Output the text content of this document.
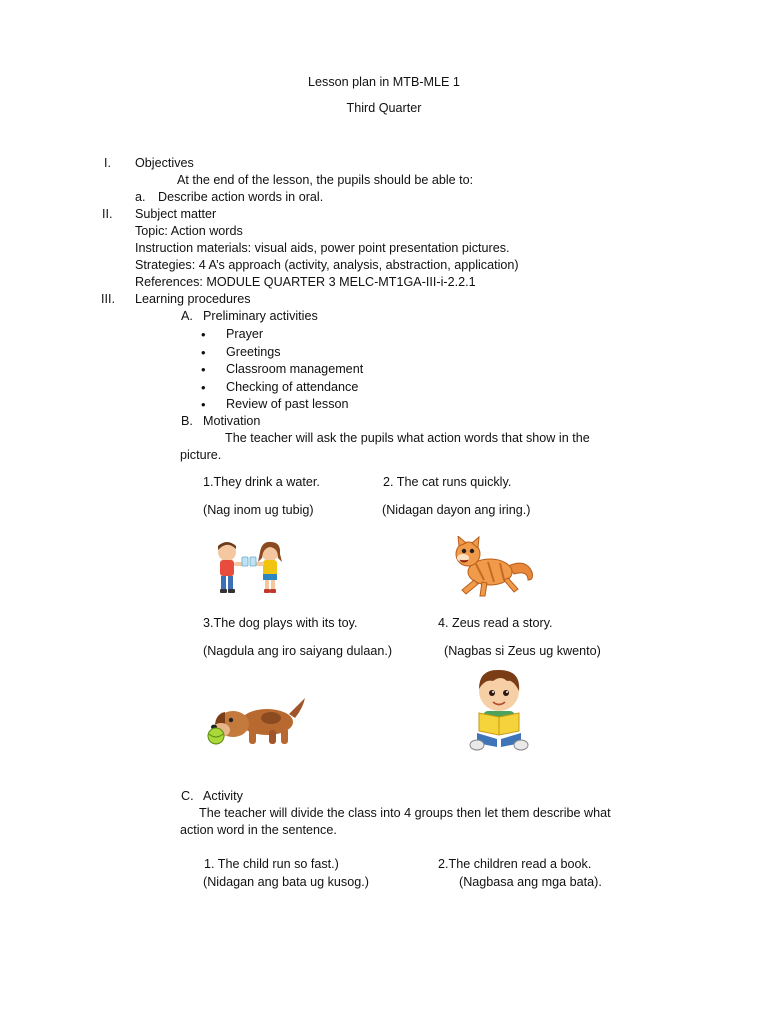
Lesson plan in MTB-MLE 1
Third Quarter
I. Objectives
At the end of the lesson, the pupils should be able to:
a. Describe action words in oral.
II. Subject matter
Topic: Action words
Instruction materials: visual aids, power point presentation pictures.
Strategies: 4 A’s approach (activity, analysis, abstraction, application)
References: MODULE QUARTER 3 MELC-MT1GA-III-i-2.2.1
III. Learning procedures
A. Preliminary activities
• Prayer
• Greetings
• Classroom management
• Checking of attendance
• Review of past lesson
B. Motivation
The teacher will ask the pupils what action words that show in the
picture.
1.They drink a water.	2. The cat runs quickly.
(Nag inom ug tubig)	(Nidagan dayon ang iring.)
3.The dog plays with its toy.	4. Zeus read a story.
(Nagdula ang iro saiyang dulaan.)	(Nagbas si Zeus ug kwento)
C. Activity
The teacher will divide the class into 4 groups then let them describe what
action word in the sentence.
1. The child run so fast.)	2.The children read a book.
(Nidagan ang bata ug kusog.)	(Nagbasa ang mga bata).
